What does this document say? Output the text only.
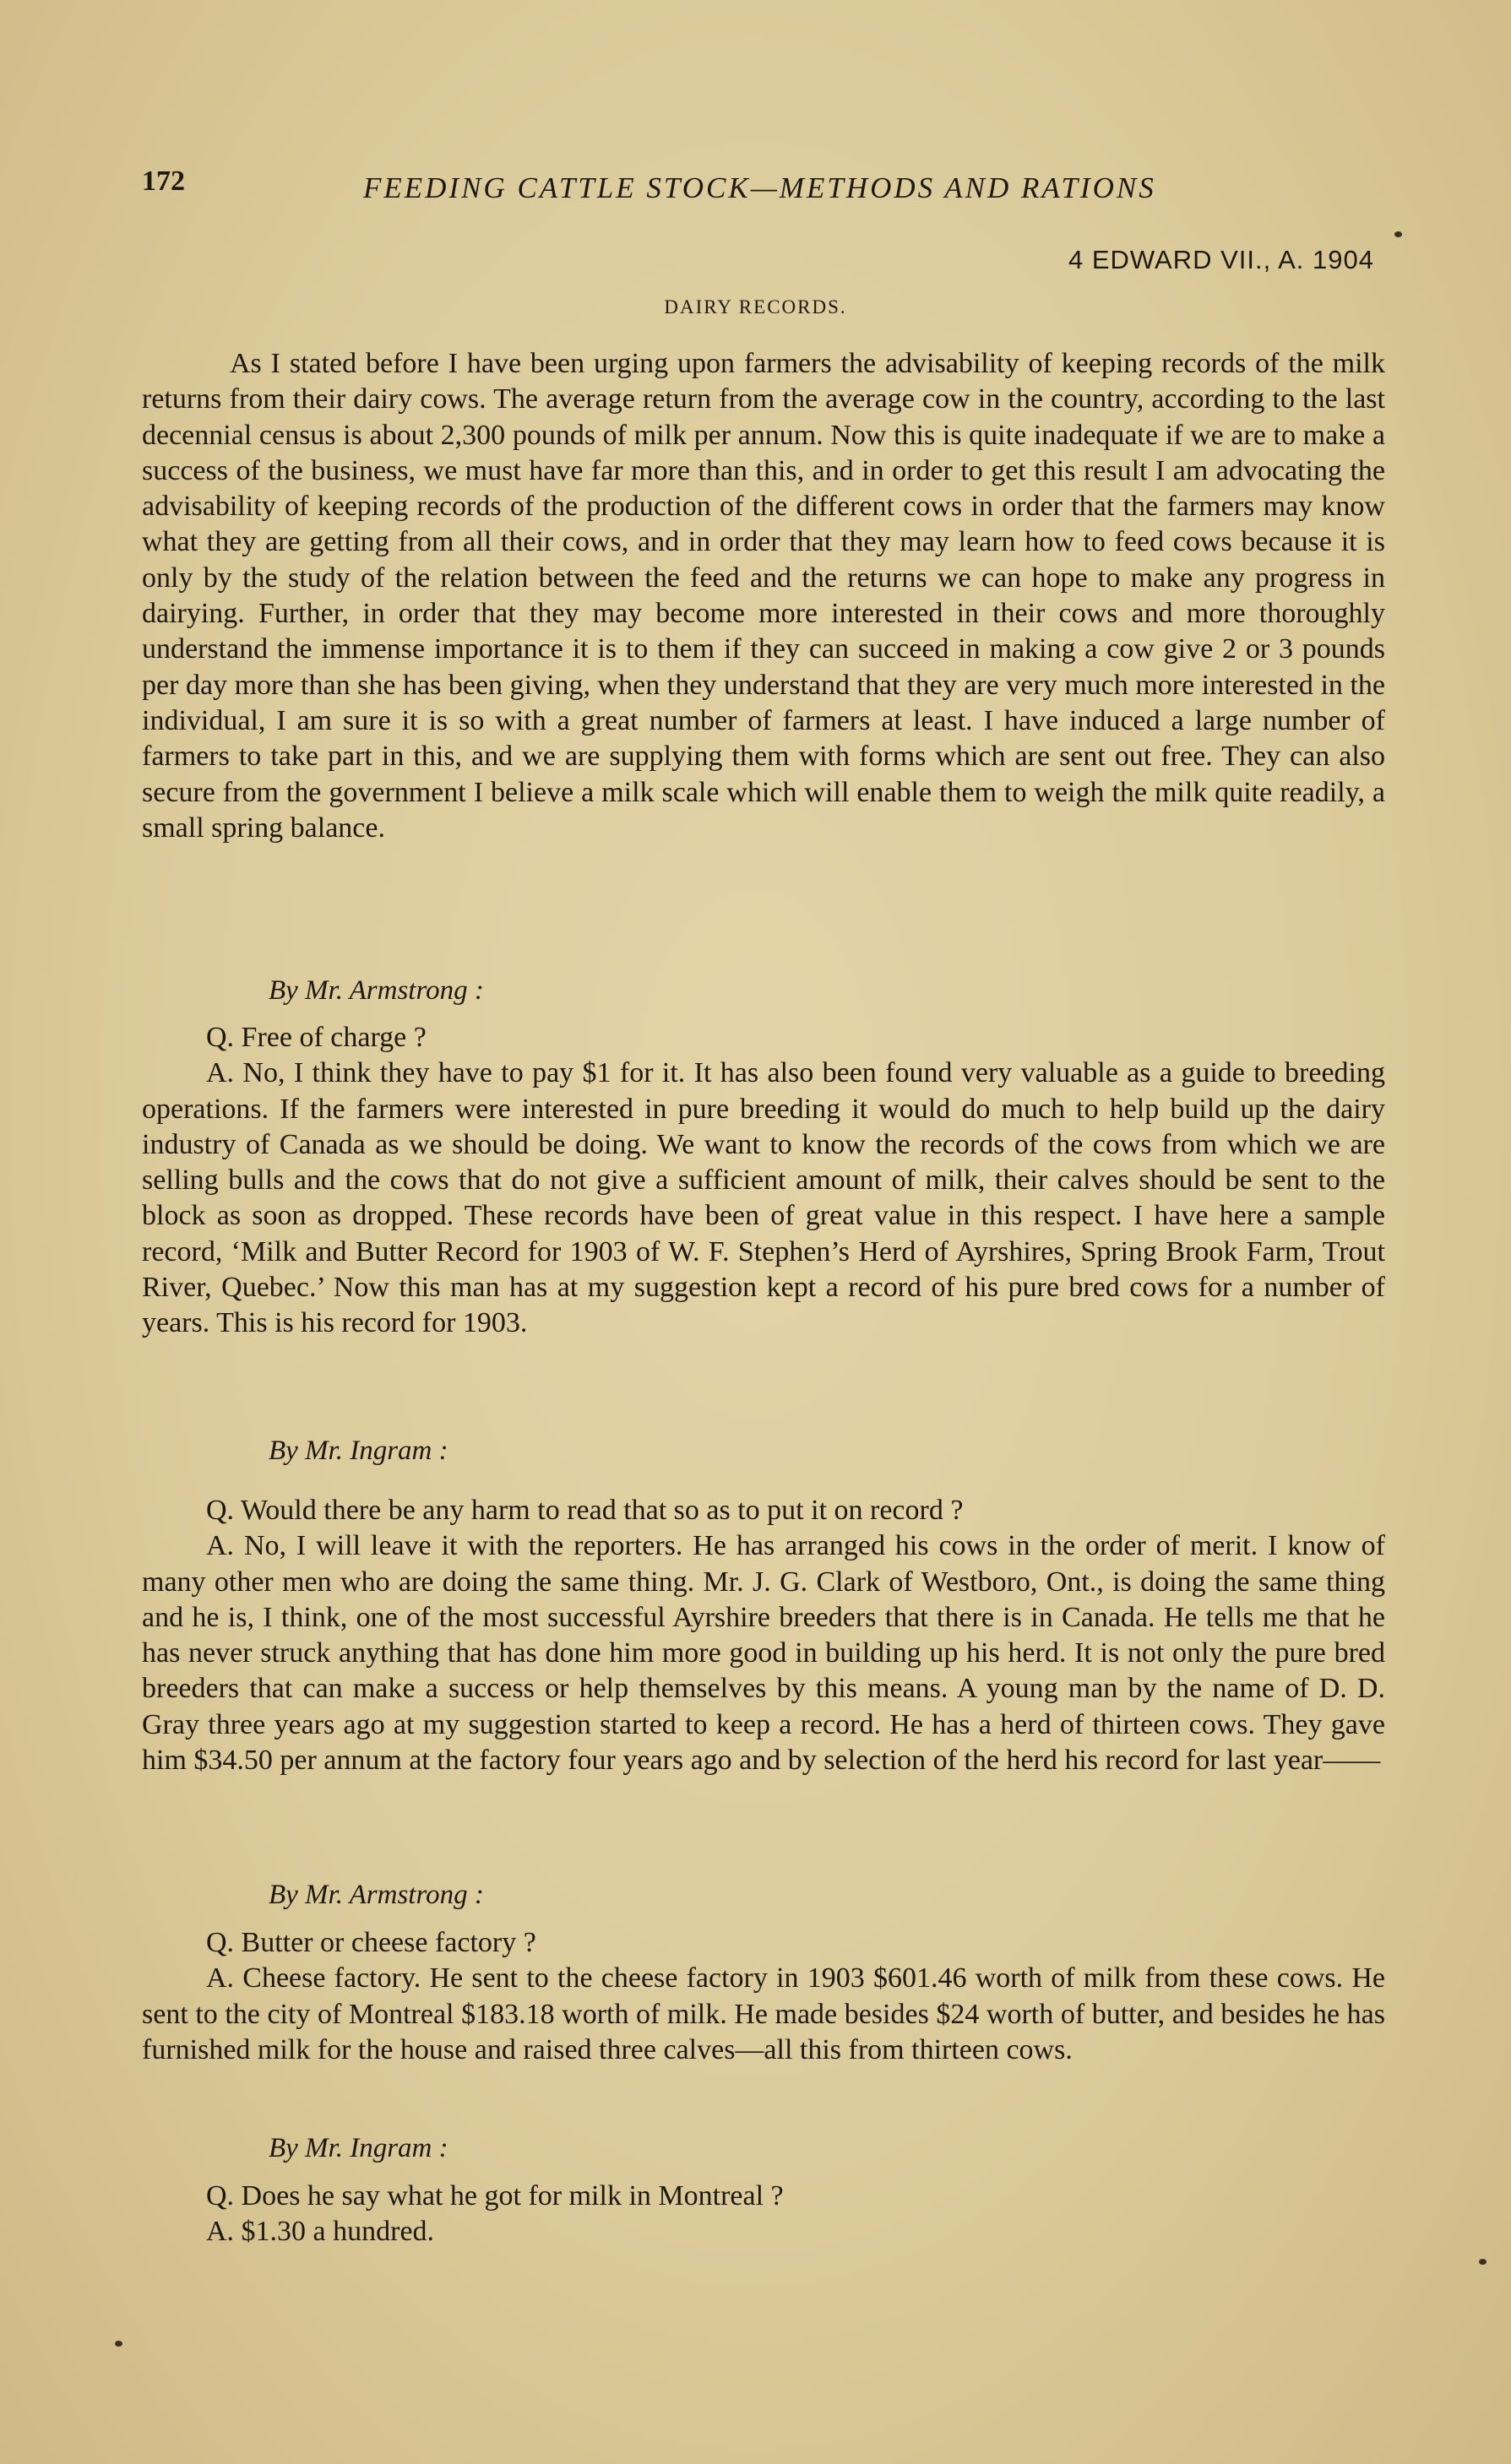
172	FEEDING CATTLE STOCK—METHODS AND RATIONS
4 EDWARD VII., A. 1904
DAIRY RECORDS.

As I stated before I have been urging upon farmers the advisability of keeping records of the milk returns from their dairy cows. The average return from the average cow in the country, according to the last decennial census is about 2,300 pounds of milk per annum. Now this is quite inadequate if we are to make a success of the business, we must have far more than this, and in order to get this result I am advocating the advisability of keeping records of the production of the different cows in order that the farmers may know what they are getting from all their cows, and in order that they may learn how to feed cows because it is only by the study of the relation between the feed and the returns we can hope to make any progress in dairying. Further, in order that they may become more interested in their cows and more thoroughly understand the immense importance it is to them if they can succeed in making a cow give 2 or 3 pounds per day more than she has been giving, when they understand that they are very much more interested in the individual, I am sure it is so with a great number of farmers at least. I have induced a large number of farmers to take part in this, and we are supplying them with forms which are sent out free. They can also secure from the government I believe a milk scale which will enable them to weigh the milk quite readily, a small spring balance.

By Mr. Armstrong :

Q. Free of charge ?

A. No, I think they have to pay $1 for it. It has also been found very valuable as a guide to breeding operations. If the farmers were interested in pure breeding it would do much to help build up the dairy industry of Canada as we should be doing. We want to know the records of the cows from which we are selling bulls and the cows that do not give a sufficient amount of milk, their calves should be sent to the block as soon as dropped. These records have been of great value in this respect. I have here a sample record, ‘Milk and Butter Record for 1903 of W. F. Stephen’s Herd of Ayrshires, Spring Brook Farm, Trout River, Quebec.’ Now this man has at my suggestion kept a record of his pure bred cows for a number of years. This is his record for 1903.

By Mr. Ingram :

Q. Would there be any harm to read that so as to put it on record ?

A. No, I will leave it with the reporters. He has arranged his cows in the order of merit. I know of many other men who are doing the same thing. Mr. J. G. Clark of Westboro, Ont., is doing the same thing and he is, I think, one of the most successful Ayrshire breeders that there is in Canada. He tells me that he has never struck anything that has done him more good in building up his herd. It is not only the pure bred breeders that can make a success or help themselves by this means. A young man by the name of D. D. Gray three years ago at my suggestion started to keep a record. He has a herd of thirteen cows. They gave him $34.50 per annum at the factory four years ago and by selection of the herd his record for last year——

By Mr. Armstrong :

Q. Butter or cheese factory ?

A. Cheese factory. He sent to the cheese factory in 1903 $601.46 worth of milk from these cows. He sent to the city of Montreal $183.18 worth of milk. He made besides $24 worth of butter, and besides he has furnished milk for the house and raised three calves—all this from thirteen cows.

By Mr. Ingram :

Q. Does he say what he got for milk in Montreal ?

A. $1.30 a hundred.
